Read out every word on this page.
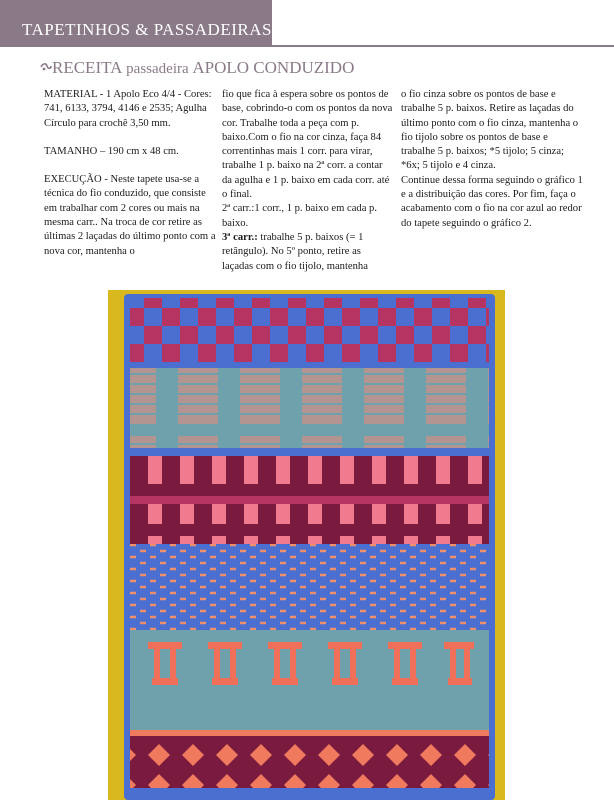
TAPETINHOS & PASSADEIRAS
RECEITA passadeira APOLO CONDUZIDO

MATERIAL - 1 Apolo Eco 4/4 - Cores: 741, 6133, 3794, 4146 e 2535; Agulha Círculo para crochê 3,50 mm.

TAMANHO – 190 cm x 48 cm.

EXECUÇÃO - Neste tapete usa-se a técnica do fio conduzido, que consiste em trabalhar com 2 cores ou mais na mesma carr.. Na troca de cor retire as últimas 2 laçadas do último ponto com a nova cor, mantenha o

fio que fica à espera sobre os pontos de base, cobrindo-o com os pontos da nova cor. Trabalhe toda a peça com p. baixo.Com o fio na cor cinza, faça 84 correntinhas mais 1 corr. para virar, trabalhe 1 p. baixo na 2ª corr. a contar da agulha e 1 p. baixo em cada corr. até o final.

2ª carr.:1 corr., 1 p. baixo em cada p. baixo.

3ª carr.: trabalhe 5 p. baixos (= 1 retângulo). No 5º ponto, retire as laçadas com o fio tijolo, mantenha

o fio cinza sobre os pontos de base e trabalhe 5 p. baixos. Retire as laçadas do último ponto com o fio cinza, mantenha o fio tijolo sobre os pontos de base e trabalhe 5 p. baixos; *5 tijolo; 5 cinza; *6x; 5 tijolo e 4 cinza.

Continue dessa forma seguindo o gráfico 1 e a distribuição das cores. Por fim, faça o acabamento com o fio na cor azul ao redor do tapete seguindo o gráfico 2.

PassionForum.ru
